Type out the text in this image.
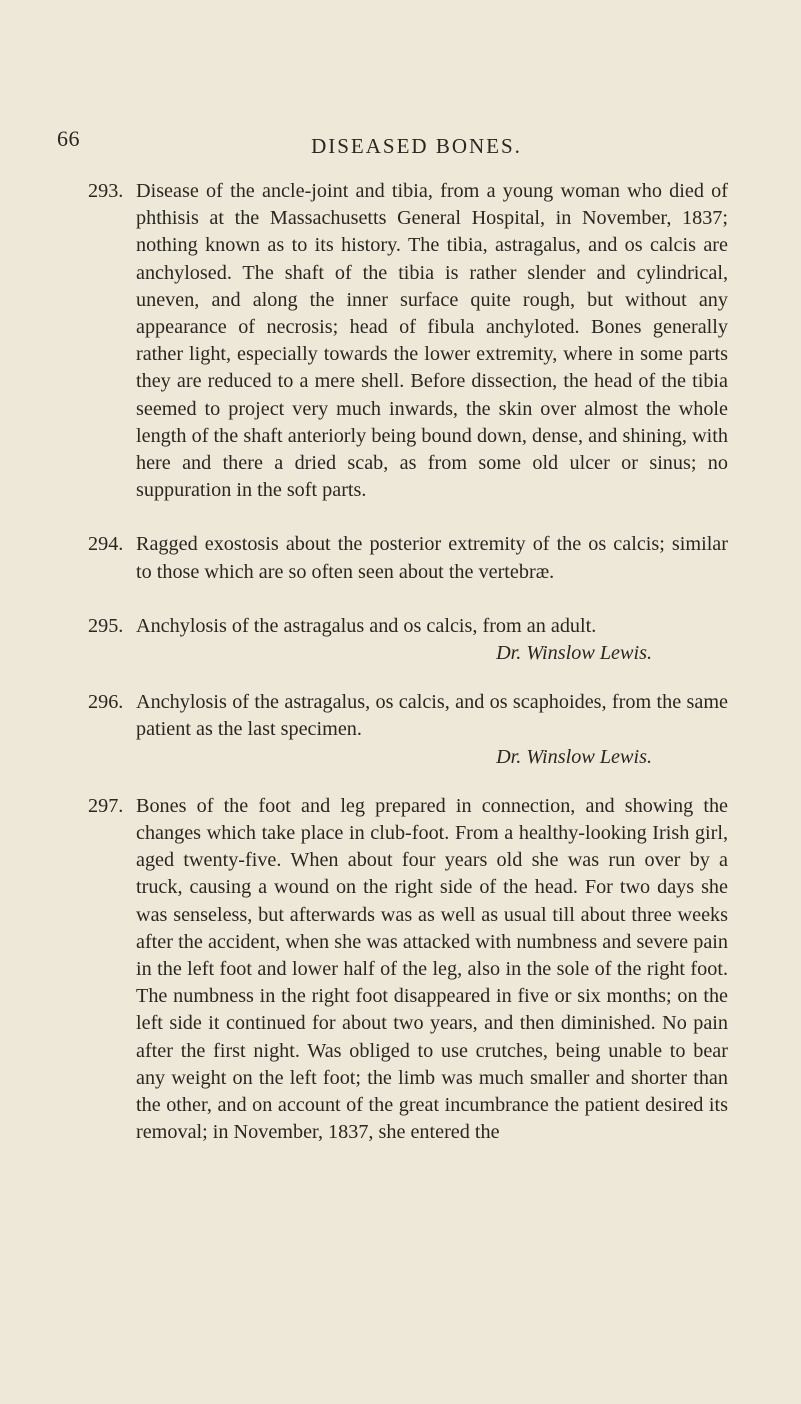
66	DISEASED BONES.

293. Disease of the ancle-joint and tibia, from a young woman who died of phthisis at the Massachusetts General Hospital, in November, 1837; nothing known as to its history. The tibia, astragalus, and os calcis are anchylosed. The shaft of the tibia is rather slender and cylindrical, uneven, and along the inner surface quite rough, but without any appearance of necrosis; head of fibula anchyloted. Bones generally rather light, especially towards the lower extremity, where in some parts they are reduced to a mere shell. Before dissection, the head of the tibia seemed to project very much inwards, the skin over almost the whole length of the shaft anteriorly being bound down, dense, and shining, with here and there a dried scab, as from some old ulcer or sinus; no suppuration in the soft parts.

294. Ragged exostosis about the posterior extremity of the os calcis; similar to those which are so often seen about the vertebræ.

295. Anchylosis of the astragalus and os calcis, from an adult.

Dr. Winslow Lewis.

296. Anchylosis of the astragalus, os calcis, and os scaphoides, from the same patient as the last specimen.

Dr. Winslow Lewis.

297. Bones of the foot and leg prepared in connection, and showing the changes which take place in club-foot. From a healthy-looking Irish girl, aged twenty-five. When about four years old she was run over by a truck, causing a wound on the right side of the head. For two days she was senseless, but afterwards was as well as usual till about three weeks after the accident, when she was attacked with numbness and severe pain in the left foot and lower half of the leg, also in the sole of the right foot. The numbness in the right foot disappeared in five or six months; on the left side it continued for about two years, and then diminished. No pain after the first night. Was obliged to use crutches, being unable to bear any weight on the left foot; the limb was much smaller and shorter than the other, and on account of the great incumbrance the patient desired its removal; in November, 1837, she entered the
